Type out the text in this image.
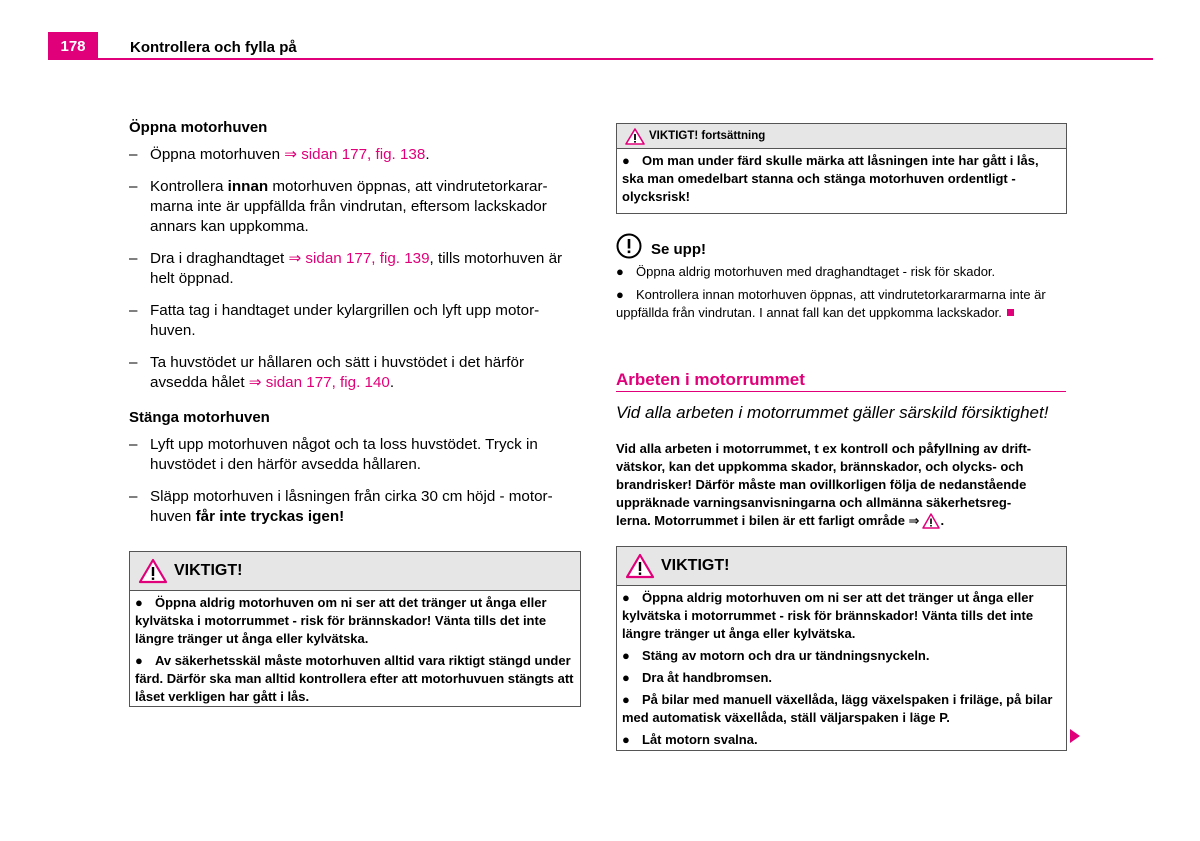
178	Kontrollera och fylla på
Öppna motorhuven
– Öppna motorhuven ⇒ sidan 177, fig. 138.
– Kontrollera innan motorhuven öppnas, att vindrutetorkarar-
marna inte är uppfällda från vindrutan, eftersom lackskador
annars kan uppkomma.
– Dra i draghandtaget ⇒ sidan 177, fig. 139, tills motorhuven är
helt öppnad.
– Fatta tag i handtaget under kylargrillen och lyft upp motor-
huven.
– Ta huvstödet ur hållaren och sätt i huvstödet i det härför
avsedda hålet ⇒ sidan 177, fig. 140.
Stänga motorhuven
– Lyft upp motorhuven något och ta loss huvstödet. Tryck in
huvstödet i den härför avsedda hållaren.
– Släpp motorhuven i låsningen från cirka 30 cm höjd - motor-
huven får inte tryckas igen!
VIKTIGT!

● Öppna aldrig motorhuven om ni ser att det tränger ut ånga eller kylvätska i motorrummet - risk för brännskador! Vänta tills det inte längre tränger ut ånga eller kylvätska.

● Av säkerhetsskäl måste motorhuven alltid vara riktigt stängd under färd. Därför ska man alltid kontrollera efter att motorhuvuen stängts att låset verkligen har gått i lås.

VIKTIGT! fortsättning

● Om man under färd skulle märka att låsningen inte har gått i lås, ska man omedelbart stanna och stänga motorhuven ordentligt - olycksrisk!

Se upp!

● Öppna aldrig motorhuven med draghandtaget - risk för skador.

● Kontrollera innan motorhuven öppnas, att vindrutetorkararmarna inte är uppfällda från vindrutan. I annat fall kan det uppkomma lackskador.

Arbeten i motorrummet
Vid alla arbeten i motorrummet gäller särskild försiktighet!
Vid alla arbeten i motorrummet, t ex kontroll och påfyllning av drift-
vätskor, kan det uppkomma skador, brännskador, och olycks- och
brandrisker! Därför måste man ovillkorligen följa de nedanstående
uppräknade varningsanvisningarna och allmänna säkerhetsreg-
lerna. Motorrummet i bilen är ett farligt område ⇒ .
VIKTIGT!

● Öppna aldrig motorhuven om ni ser att det tränger ut ånga eller kylvätska i motorrummet - risk för brännskador! Vänta tills det inte längre tränger ut ånga eller kylvätska.

● Stäng av motorn och dra ur tändningsnyckeln.

● Dra åt handbromsen.

● På bilar med manuell växellåda, lägg växelspaken i friläge, på bilar med automatisk växellåda, ställ väljarspaken i läge P.

● Låt motorn svalna.
